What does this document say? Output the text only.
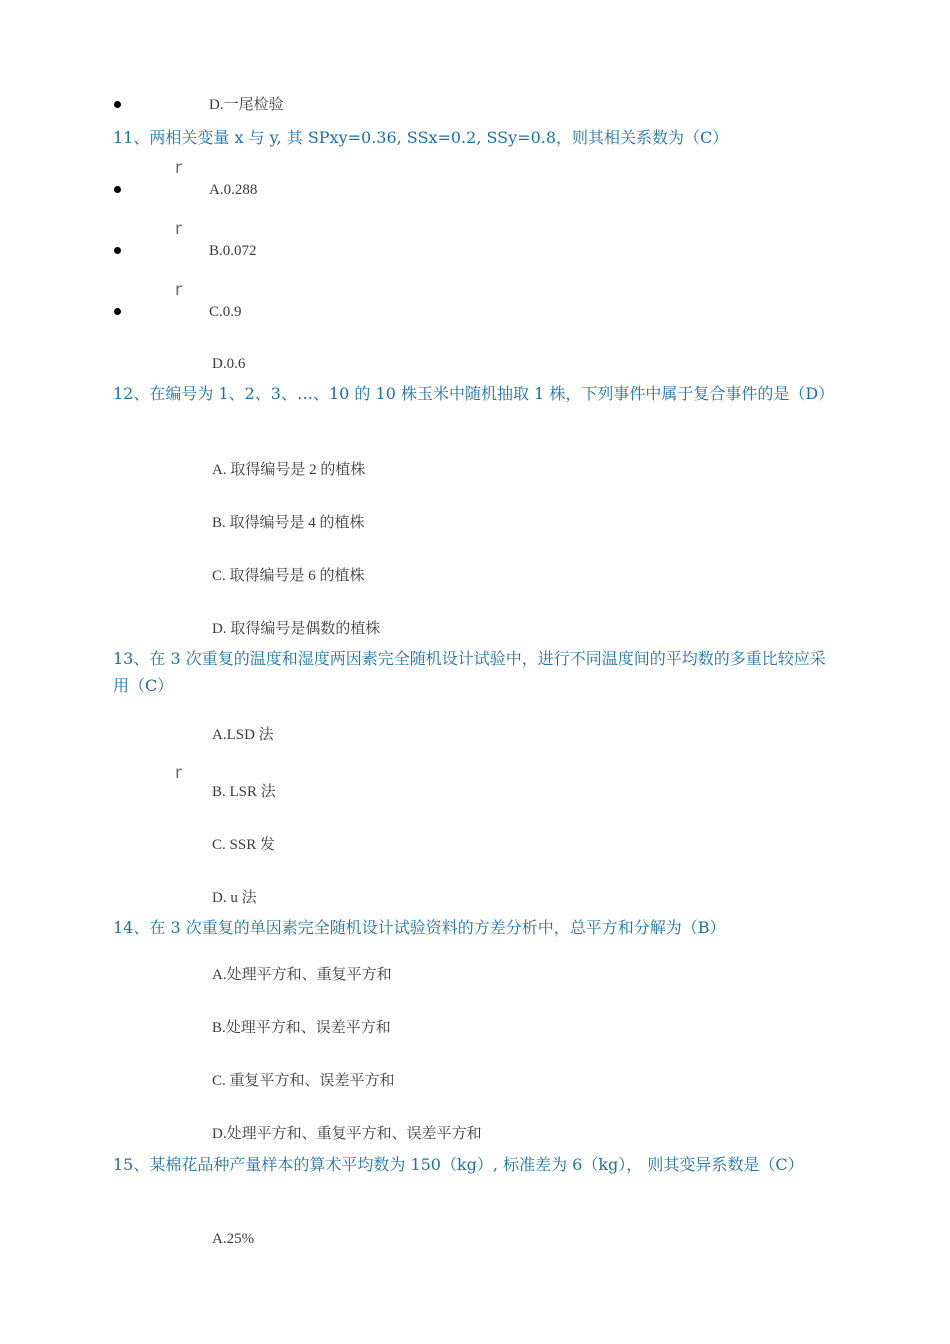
D.一尾检验
11、两相关变量 x 与 y, 其 SPxy=0.36, SSx=0.2, SSy=0.8，则其相关系数为（C）
r
A.0.288
r
B.0.072
r
C.0.9
D.0.6
12、在编号为 1、2、3、…、10 的 10 株玉米中随机抽取 1 株，下列事件中属于复合事件的是（D）
A. 取得编号是 2 的植株
B. 取得编号是 4 的植株
C. 取得编号是 6 的植株
D. 取得编号是偶数的植株
13、在 3 次重复的温度和湿度两因素完全随机设计试验中，进行不同温度间的平均数的多重比较应采用（C）
A.LSD 法
r
B. LSR 法
C. SSR 发
D. u 法
14、在 3 次重复的单因素完全随机设计试验资料的方差分析中，总平方和分解为（B）
A.处理平方和、重复平方和
B.处理平方和、误差平方和
C. 重复平方和、误差平方和
D.处理平方和、重复平方和、误差平方和
15、某棉花品种产量样本的算术平均数为 150（kg）, 标准差为 6（kg）， 则其变异系数是（C）
A.25%
